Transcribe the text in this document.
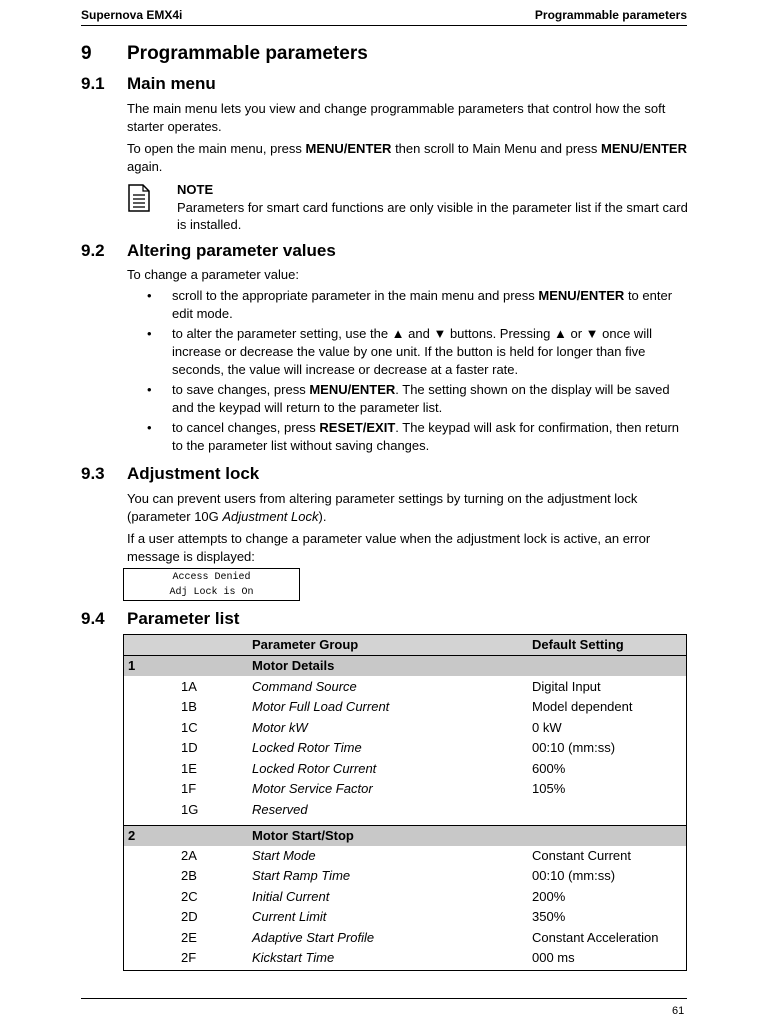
Supernova EMX4i	Programmable parameters
9 Programmable parameters
9.1 Main menu
The main menu lets you view and change programmable parameters that control how the soft starter operates.
To open the main menu, press MENU/ENTER then scroll to Main Menu and press MENU/ENTER again.
NOTE
Parameters for smart card functions are only visible in the parameter list if the smart card is installed.
9.2 Altering parameter values
To change a parameter value:
• scroll to the appropriate parameter in the main menu and press MENU/ENTER to enter edit mode.
• to alter the parameter setting, use the ▲ and ▼ buttons. Pressing ▲ or ▼ once will increase or decrease the value by one unit. If the button is held for longer than five seconds, the value will increase or decrease at a faster rate.
• to save changes, press MENU/ENTER. The setting shown on the display will be saved and the keypad will return to the parameter list.
• to cancel changes, press RESET/EXIT. The keypad will ask for confirmation, then return to the parameter list without saving changes.
9.3 Adjustment lock
You can prevent users from altering parameter settings by turning on the adjustment lock (parameter 10G Adjustment Lock).
If a user attempts to change a parameter value when the adjustment lock is active, an error message is displayed:
Access Denied
Adj Lock is On
9.4 Parameter list
Parameter Group	Default Setting
1	Motor Details
1A	Command Source	Digital Input
1B	Motor Full Load Current	Model dependent
1C	Motor kW	0 kW
1D	Locked Rotor Time	00:10 (mm:ss)
1E	Locked Rotor Current	600%
1F	Motor Service Factor	105%
1G	Reserved
2	Motor Start/Stop
2A	Start Mode	Constant Current
2B	Start Ramp Time	00:10 (mm:ss)
2C	Initial Current	200%
2D	Current Limit	350%
2E	Adaptive Start Profile	Constant Acceleration
2F	Kickstart Time	000 ms
61
